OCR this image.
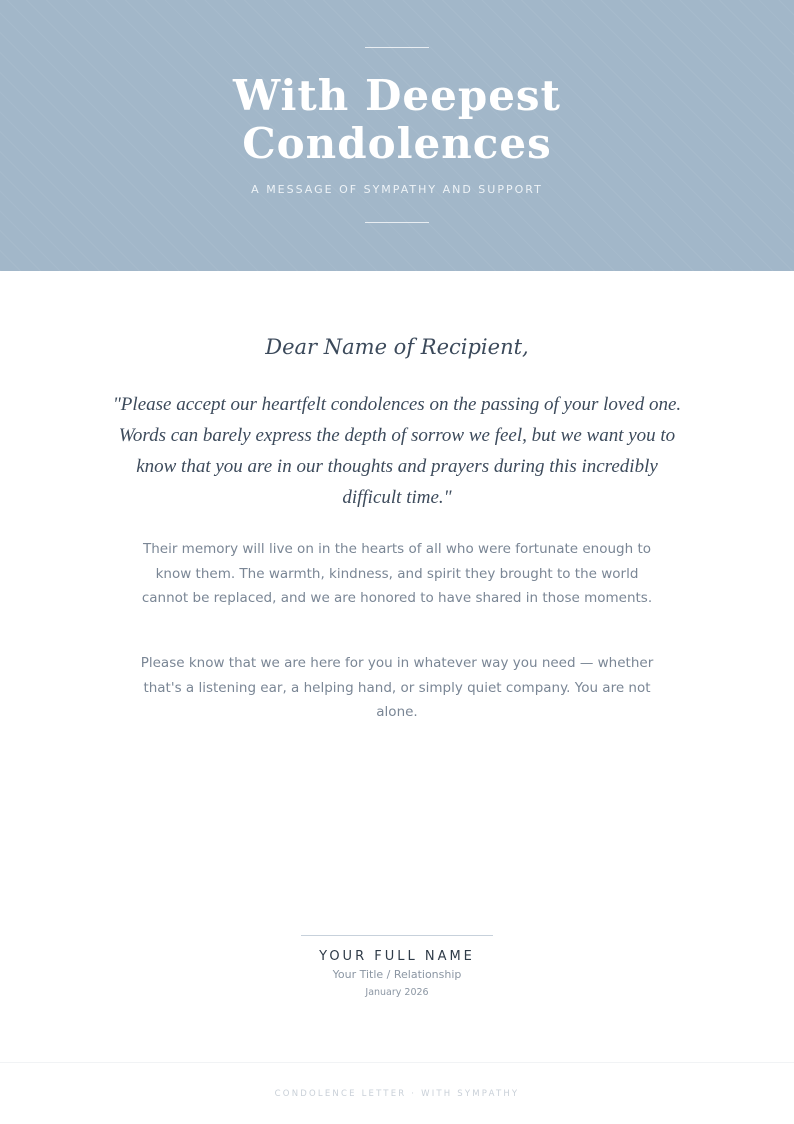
With Deepest
Condolences
A MESSAGE OF SYMPATHY AND SUPPORT
Dear Name of Recipient,

"Please accept our heartfelt condolences on the passing of your loved one. Words can barely express the depth of sorrow we feel, but we want you to know that you are in our thoughts and prayers during this incredibly difficult time."

Their memory will live on in the hearts of all who were fortunate enough to know them. The warmth, kindness, and spirit they brought to the world cannot be replaced, and we are honored to have shared in those moments.

Please know that we are here for you in whatever way you need — whether that's a listening ear, a helping hand, or simply quiet company. You are not alone.

YOUR FULL NAME
Your Title / Relationship
January 2026
CONDOLENCE LETTER · WITH SYMPATHY
